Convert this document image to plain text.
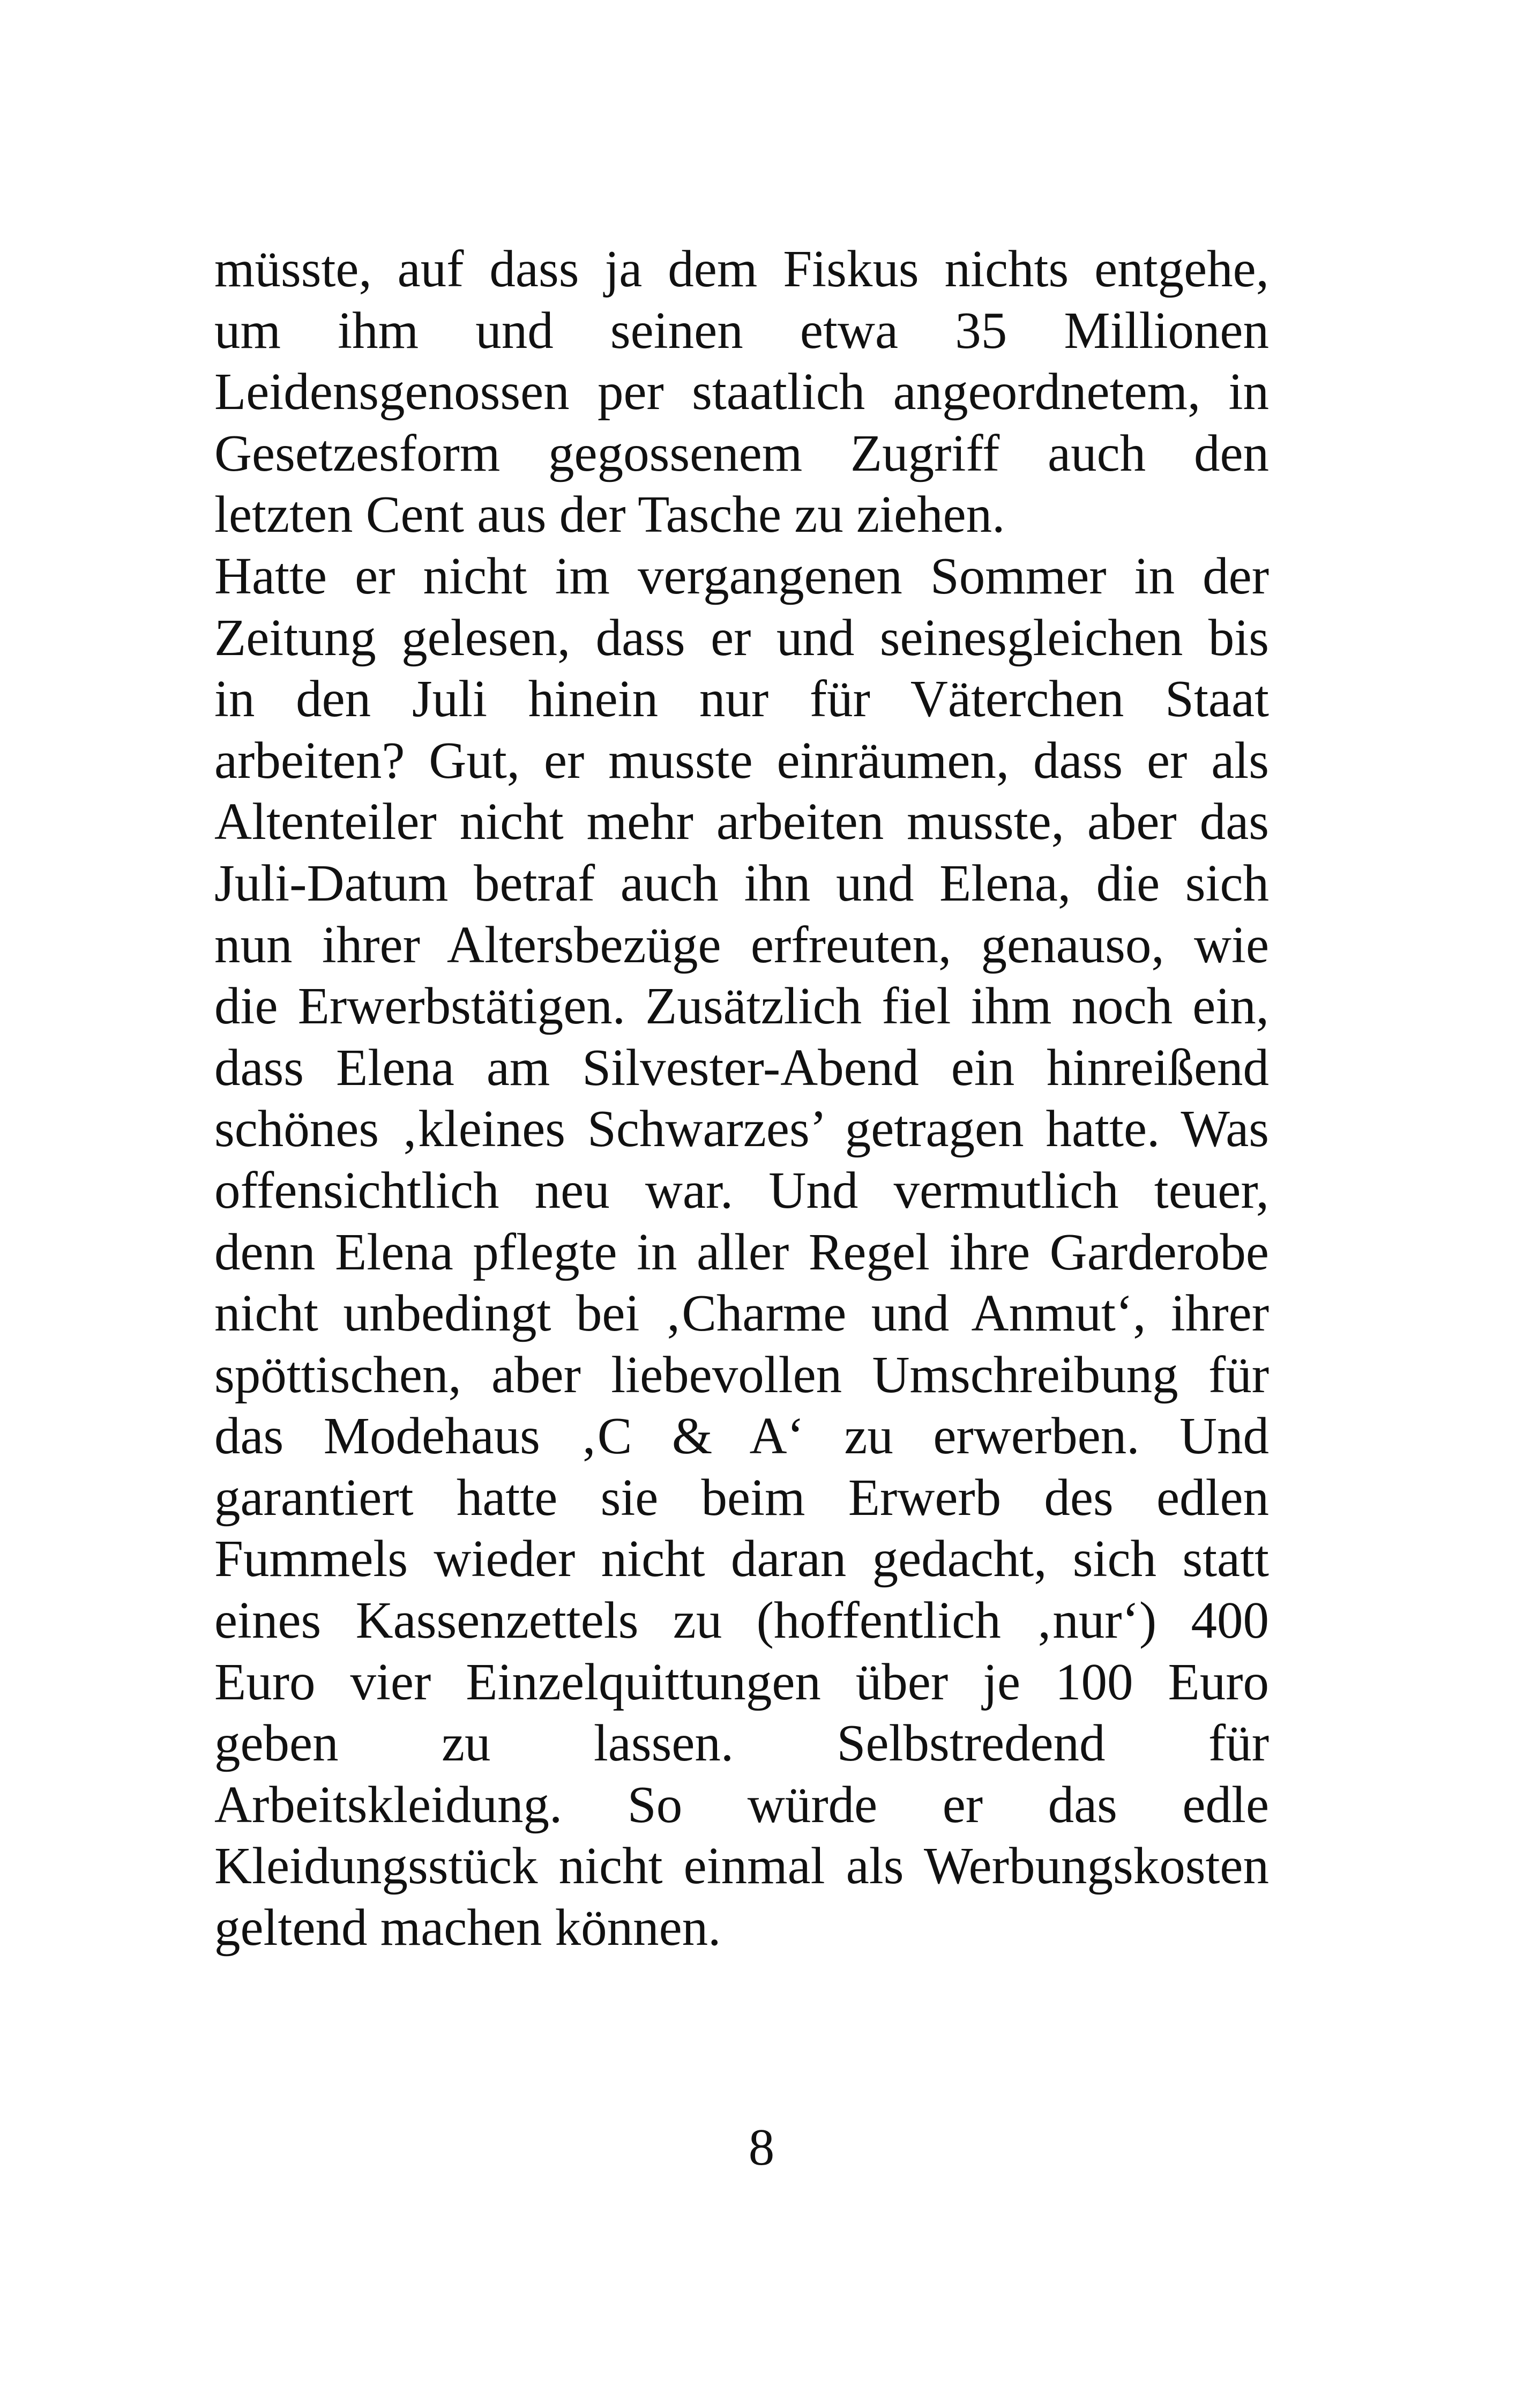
müsste, auf dass ja dem Fiskus nichts entgehe,
um ihm und seinen etwa 35 Millionen
Leidensgenossen per staatlich angeordnetem, in
Gesetzesform gegossenem Zugriff auch den
letzten Cent aus der Tasche zu ziehen.
Hatte er nicht im vergangenen Sommer in der
Zeitung gelesen, dass er und seinesgleichen bis
in den Juli hinein nur für Väterchen Staat
arbeiten? Gut, er musste einräumen, dass er als
Altenteiler nicht mehr arbeiten musste, aber das
Juli-Datum betraf auch ihn und Elena, die sich
nun ihrer Altersbezüge erfreuten, genauso, wie
die Erwerbstätigen. Zusätzlich fiel ihm noch ein,
dass Elena am Silvester-Abend ein hinreißend
schönes ‚kleines Schwarzes’ getragen hatte. Was
offensichtlich neu war. Und vermutlich teuer,
denn Elena pflegte in aller Regel ihre Garderobe
nicht unbedingt bei ‚Charme und Anmut‘, ihrer
spöttischen, aber liebevollen Umschreibung für
das Modehaus ‚C & A‘ zu erwerben. Und
garantiert hatte sie beim Erwerb des edlen
Fummels wieder nicht daran gedacht, sich statt
eines Kassenzettels zu (hoffentlich ‚nur‘) 400
Euro vier Einzelquittungen über je 100 Euro
geben zu lassen. Selbstredend für
Arbeitskleidung. So würde er das edle
Kleidungsstück nicht einmal als Werbungskosten
geltend machen können.
8
